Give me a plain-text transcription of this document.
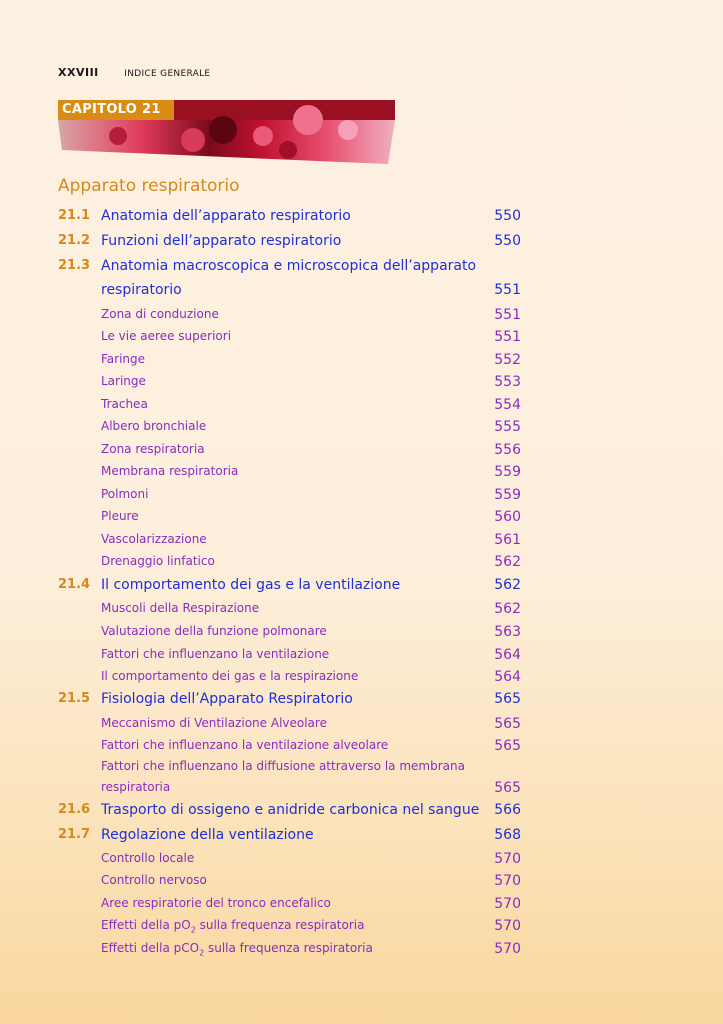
XXVIII	INDICE GENERALE
CAPITOLO 21
Apparato respiratorio
21.1 Anatomia dell’apparato respiratorio	550
21.2 Funzioni dell’apparato respiratorio	550
21.3 Anatomia macroscopica e microscopica dell’apparato
respiratorio	551
Zona di conduzione	551
Le vie aeree superiori	551
Faringe	552
Laringe	553
Trachea	554
Albero bronchiale	555
Zona respiratoria	556
Membrana respiratoria	559
Polmoni	559
Pleure	560
Vascolarizzazione	561
Drenaggio linfatico	562
21.4 Il comportamento dei gas e la ventilazione	562
Muscoli della Respirazione	562
Valutazione della funzione polmonare	563
Fattori che influenzano la ventilazione	564
Il comportamento dei gas e la respirazione	564
21.5 Fisiologia dell’Apparato Respiratorio	565
Meccanismo di Ventilazione Alveolare	565
Fattori che influenzano la ventilazione alveolare	565
Fattori che influenzano la diffusione attraverso la membrana
respiratoria	565
21.6 Trasporto di ossigeno e anidride carbonica nel sangue 566
21.7 Regolazione della ventilazione	568
Controllo locale	570
Controllo nervoso	570
Aree respiratorie del tronco encefalico	570
Effetti della $pO_2$ sulla frequenza respiratoria	570
Effetti della pCO$_2$ sulla frequenza respiratoria	570
